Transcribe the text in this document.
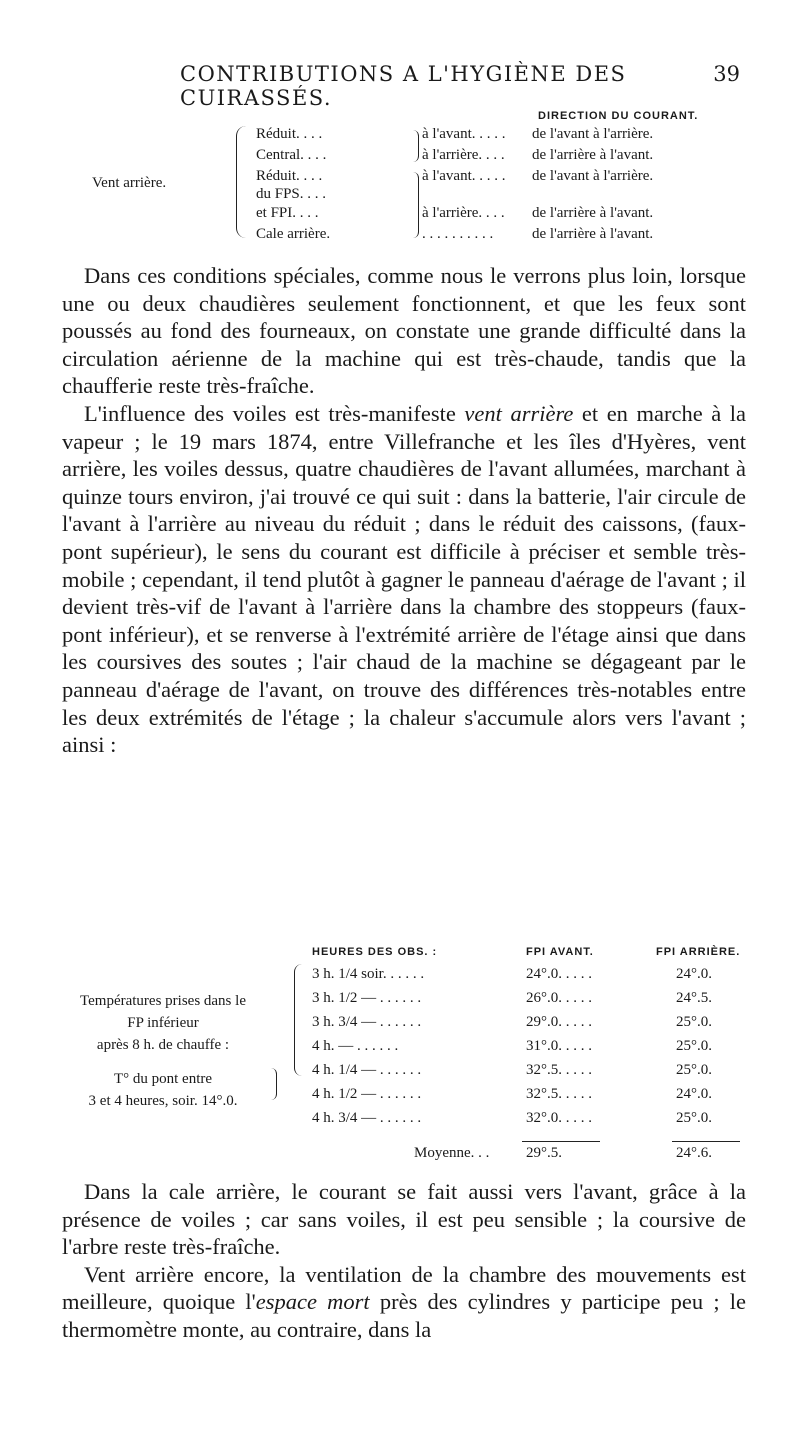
CONTRIBUTIONS A L'HYGIÈNE DES CUIRASSÉS.
39
DIRECTION DU COURANT.
Vent arrière.
Réduit. . . .	à l'avant. . . . . de l'avant à l'arrière.
Central. . . .	à l'arrière. . . . de l'arrière à l'avant.
Réduit. . . .	à l'avant. . . . . de l'avant à l'arrière.
du FPS. . . .
et FPI. . . .	à l'arrière. . . . de l'arrière à l'avant.
Cale arrière.	. . . . . . . . . .	de l'arrière à l'avant.

Dans ces conditions spéciales, comme nous le verrons plus loin, lorsque une ou deux chaudières seulement fonctionnent, et que les feux sont poussés au fond des fourneaux, on constate une grande difficulté dans la circulation aérienne de la machine qui est très-chaude, tandis que la chaufferie reste très-fraîche.

L'influence des voiles est très-manifeste vent arrière et en marche à la vapeur ; le 19 mars 1874, entre Villefranche et les îles d'Hyères, vent arrière, les voiles dessus, quatre chaudières de l'avant allumées, marchant à quinze tours environ, j'ai trouvé ce qui suit : dans la batterie, l'air circule de l'avant à l'arrière au niveau du réduit ; dans le réduit des caissons, (faux-pont supérieur), le sens du courant est difficile à préciser et semble très-mobile ; cependant, il tend plutôt à gagner le panneau d'aérage de l'avant ; il devient très-vif de l'avant à l'arrière dans la chambre des stoppeurs (faux-pont inférieur), et se renverse à l'extrémité arrière de l'étage ainsi que dans les coursives des soutes ; l'air chaud de la machine se dégageant par le panneau d'aérage de l'avant, on trouve des différences très-notables entre les deux extrémités de l'étage ; la chaleur s'accumule alors vers l'avant ; ainsi :

HEURES DES OBS. :	FPI AVANT.	FPI ARRIÈRE.
Températures prises dans le
FP inférieur
après 8 h. de chauffe :
T° du pont entre
3 et 4 heures, soir. 14°.0.
3 h. 1/4 soir. . . . . .	24°.0. . . . .	24°.0.
3 h. 1/2 — . . . . . .	26°.0. . . . .	24°.5.
3 h. 3/4 — . . . . . .	29°.0. . . . .	25°.0.
4 h. — . . . . . .	31°.0. . . . .	25°.0.
4 h. 1/4 — . . . . . .	32°.5. . . . .	25°.0.
4 h. 1/2 — . . . . . .	32°.5. . . . .	24°.0.
4 h. 3/4 — . . . . . .	32°.0. . . . .	25°.0.
Moyenne. . . 29°.5.	24°.6.

Dans la cale arrière, le courant se fait aussi vers l'avant, grâce à la présence de voiles ; car sans voiles, il est peu sensible ; la coursive de l'arbre reste très-fraîche.

Vent arrière encore, la ventilation de la chambre des mouvements est meilleure, quoique l'espace mort près des cylindres y participe peu ; le thermomètre monte, au contraire, dans la
